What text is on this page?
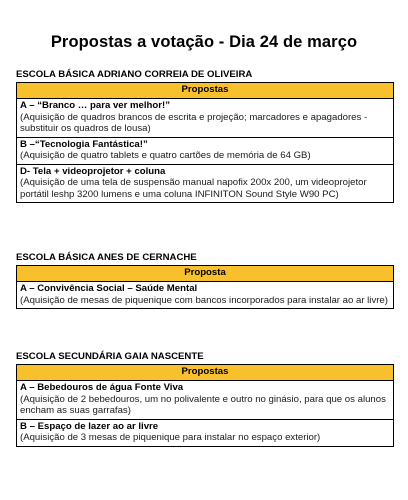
Propostas a votação - Dia 24 de março
ESCOLA BÁSICA ADRIANO CORREIA DE OLIVEIRA
Propostas

A – “Branco … para ver melhor!”
(Aquisição de quadros brancos de escrita e projeção; marcadores e apagadores - substituir os quadros de lousa)

B –“Tecnologia Fantástica!”
(Aquisição de quatro tablets e quatro cartões de memória de 64 GB)

D- Tela + videoprojetor + coluna
(Aquisição de uma tela de suspensão manual napofix 200x 200, um videoprojetor portátil leshp 3200 lumens e uma coluna INFINITON Sound Style W90 PC)
ESCOLA BÁSICA ANES DE CERNACHE
Proposta

A – Convivência Social – Saúde Mental
(Aquisição de mesas de piquenique com bancos incorporados para instalar ao ar livre)
ESCOLA SECUNDÁRIA GAIA NASCENTE
Propostas

A – Bebedouros de água Fonte Viva
(Aquisição de 2 bebedouros, um no polivalente e outro no ginásio, para que os alunos encham as suas garrafas)

B – Espaço de lazer ao ar livre
(Aquisição de 3 mesas de piquenique para instalar no espaço exterior)
